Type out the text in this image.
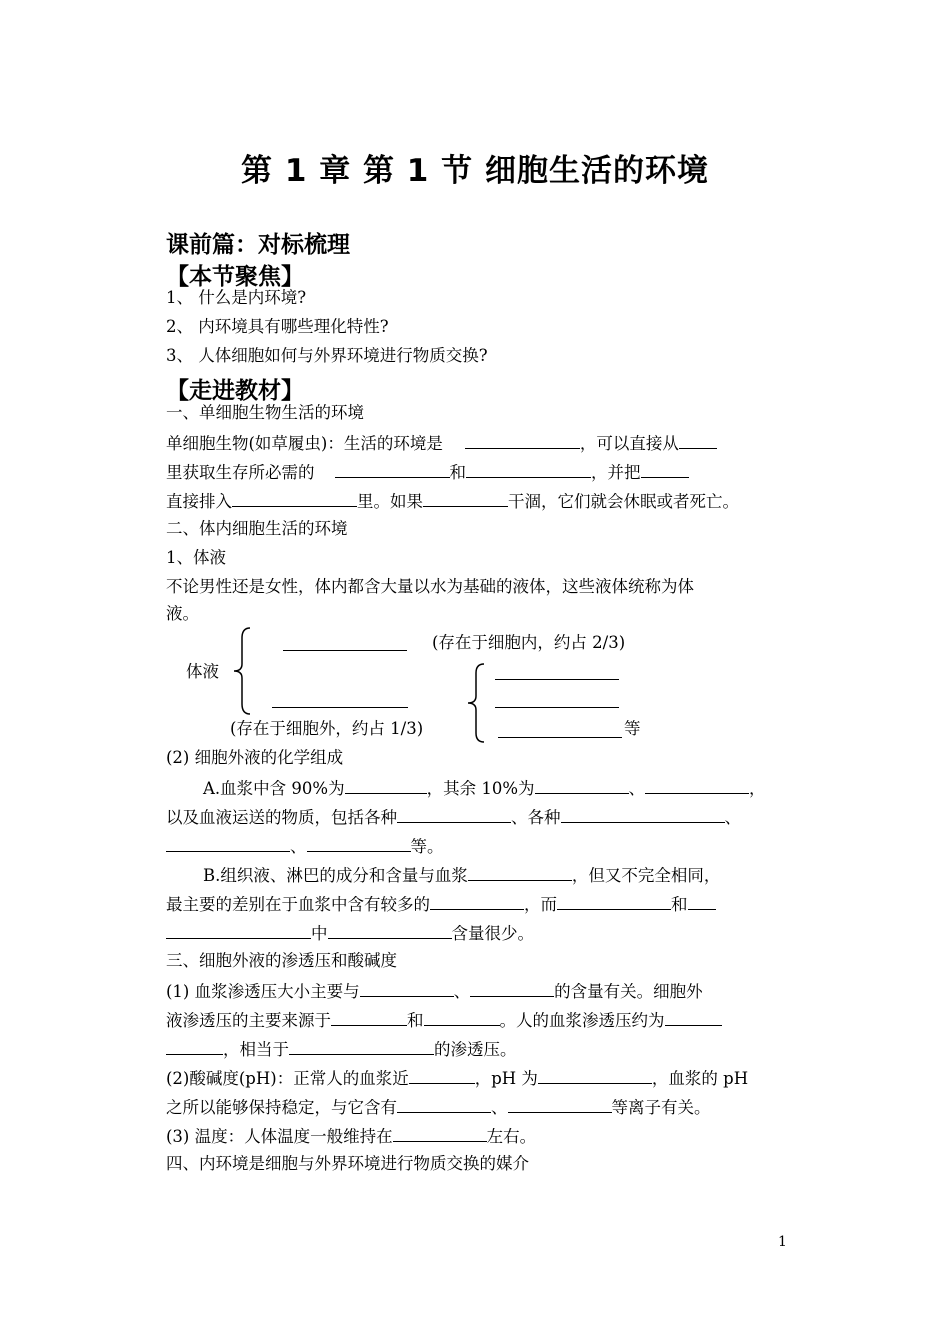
第 1 章 第 1 节 细胞生活的环境
课前篇：对标梳理
【本节聚焦】
1、 什么是内环境?
2、 内环境具有哪些理化特性?
3、 人体细胞如何与外界环境进行物质交换?
【走进教材】
一、单细胞生物生活的环境
单细胞生物(如草履虫)：生活的环境是	，可以直接从
里获取生存所必需的	和	，并把
直接排入	里。如果	干涸，它们就会休眠或者死亡。
二、体内细胞生活的环境
1、体液
不论男性还是女性，体内都含大量以水为基础的液体，这些液体统称为体
液。
体液
(存在于细胞内，约占 2/3)
(存在于细胞外，约占 1/3)	等
(2) 细胞外液的化学组成
A.血浆中含 90%为	，其余 10%为	、	，
以及血液运送的物质，包括各种	、各种	、
、	等。
B.组织液、淋巴的成分和含量与血浆	，但又不完全相同，
最主要的差别在于血浆中含有较多的	，而	和
中	含量很少。
三、细胞外液的渗透压和酸碱度
(1) 血浆渗透压大小主要与	、	的含量有关。细胞外
液渗透压的主要来源于	和	。人的血浆渗透压约为
，相当于	的渗透压。
(2)酸碱度(pH)：正常人的血浆近	，pH 为	，血浆的 pH
之所以能够保持稳定，与它含有	、	等离子有关。
(3) 温度：人体温度一般维持在	左右。
四、内环境是细胞与外界环境进行物质交换的媒介
1
